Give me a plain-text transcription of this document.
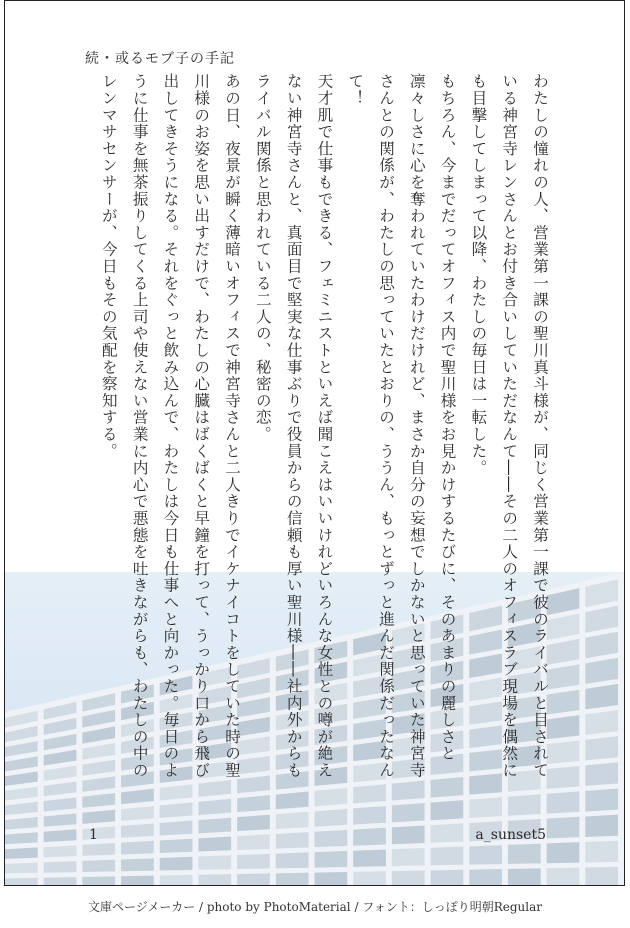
続・或るモブ子の手記

わたしの憧れの人、営業第一課の聖川真斗様が、同じく営業第一課で彼のライバルと目されている神宮寺レンさんとお付き合いしていただなんて――その二人のオフィスラブ現場を偶然にも目撃してしまって以降、わたしの毎日は一転した。

もちろん、今までだってオフィス内で聖川様をお見かけするたびに、そのあまりの麗しさと凛々しさに心を奪われていたわけだけれど、まさか自分の妄想でしかないと思っていた神宮寺さんとの関係が、わたしの思っていたとおりの、ううん、もっとずっと進んだ関係だったなんて！

天才肌で仕事もできる、フェミニストといえば聞こえはいいけれどいろんな女性との噂が絶えない神宮寺さんと、真面目で堅実な仕事ぶりで役員からの信頼も厚い聖川様――社内外からもライバル関係と思われている二人の、秘密の恋。

あの日、夜景が瞬く薄暗いオフィスで神宮寺さんと二人きりでイケナイコトをしていた時の聖川様のお姿を思い出すだけで、わたしの心臓はばくばくと早鐘を打って、うっかり口から飛び出してきそうになる。それをぐっと飲み込んで、わたしは今日も仕事へと向かった。毎日のように仕事を無茶振りしてくる上司や使えない営業に内心で悪態を吐きながらも、わたしの中のレンマサセンサーが、今日もその気配を察知する。

1	a_sunset5
文庫ページメーカー / photo by PhotoMaterial / フォント：しっぽり明朝Regular
